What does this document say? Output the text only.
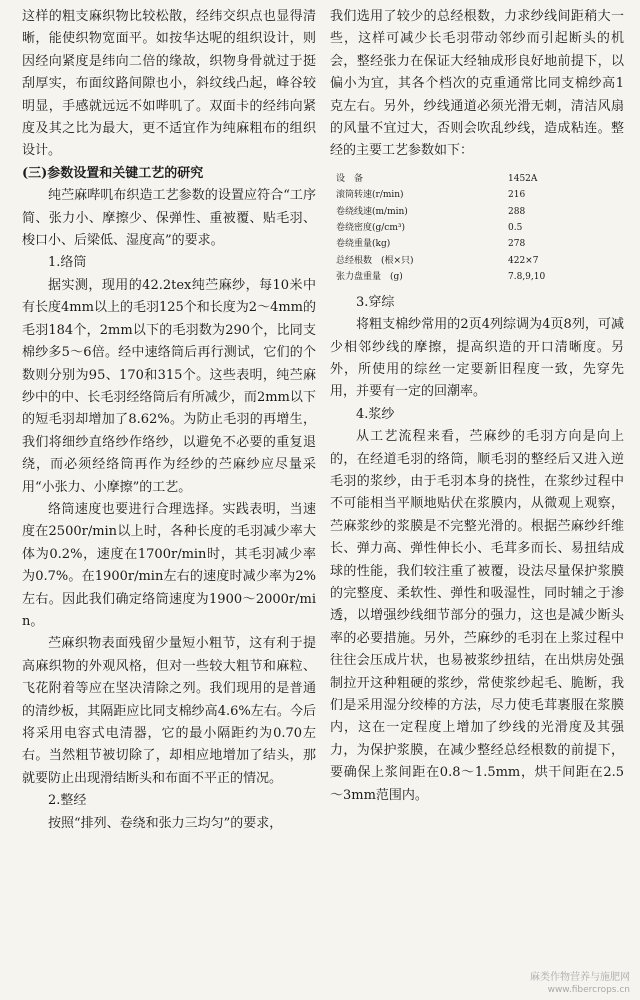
这样的粗支麻织物比较松散，经纬交织点也显得清晰，能使织物宽面平。如按华达呢的组织设计，则因经向紧度是纬向二倍的缘故，织物身骨就过于挺刮厚实，布面纹路间隙也小，斜纹线凸起，峰谷较明显，手感就远远不如哔叽了。双面卡的经纬向紧度及其之比为最大，更不适宜作为纯麻粗布的组织设计。

(三)参数设置和关键工艺的研究

纯苎麻哔叽布织造工艺参数的设置应符合“工序简、张力小、摩擦少、保弹性、重被覆、贴毛羽、梭口小、后梁低、湿度高”的要求。

1.络筒

据实测，现用的42.2tex纯苎麻纱，每10米中有长度4mm以上的毛羽125个和长度为2～4mm的毛羽184个，2mm以下的毛羽数为290个，比同支棉纱多5～6倍。经中速络筒后再行测试，它们的个数则分别为95、170和315个。这些表明，纯苎麻纱中的中、长毛羽经络筒后有所减少，而2mm以下的短毛羽却增加了8.62%。为防止毛羽的再增生，我们将细纱直络纱作络纱，以避免不必要的重复退绕，而必须经络筒再作为经纱的苎麻纱应尽量采用“小张力、小摩擦”的工艺。

络筒速度也要进行合理选择。实践表明，当速度在2500r/min以上时，各种长度的毛羽减少率大体为0.2%，速度在1700r/min时，其毛羽减少率为0.7%。在1900r/min左右的速度时减少率为2%左右。因此我们确定络筒速度为1900～2000r/min。

苎麻织物表面残留少量短小粗节，这有利于提高麻织物的外观风格，但对一些较大粗节和麻粒、飞花附着等应在坚决清除之列。我们现用的是普通的清纱板，其隔距应比同支棉纱高4.6%左右。今后将采用电容式电清器，它的最小隔距约为0.70左右。当然粗节被切除了，却相应地增加了结头，那就要防止出现滑结断头和布面不平正的情况。

2.整经

按照“排列、卷绕和张力三均匀”的要求，

我们选用了较少的总经根数，力求纱线间距稍大一些，这样可减少长毛羽带动邻纱而引起断头的机会，整经张力在保证大经轴成形良好地前提下，以偏小为宜，其各个档次的克重通常比同支棉纱高1克左右。另外，纱线通道必须光滑无刺，清洁风扇的风量不宜过大，否则会吹乱纱线，造成粘连。整经的主要工艺参数如下：

设　备	1452A
滚筒转速(r/min)	216
卷绕线速(m/min)	288
卷绕密度(g/cm³)	0.5
卷绕重量(kg)	278
总经根数　(根×只)	422×7
张力盘重量　(g)	7.8,9,10

3.穿综

将粗支棉纱常用的2页4列综调为4页8列，可减少相邻纱线的摩擦，提高织造的开口清晰度。另外，所使用的综丝一定要新旧程度一致，先穿先用，并要有一定的回潮率。

4.浆纱

从工艺流程来看，苎麻纱的毛羽方向是向上的，在经道毛羽的络筒，顺毛羽的整经后又进入逆毛羽的浆纱，由于毛羽本身的挠性，在浆纱过程中不可能相当平顺地贴伏在浆膜内，从微观上观察，苎麻浆纱的浆膜是不完整光滑的。根据苎麻纱纤维长、弹力高、弹性伸长小、毛茸多而长、易扭结成球的性能，我们较注重了被覆，设法尽量保护浆膜的完整度、柔软性、弹性和吸湿性，同时辅之于渗透，以增强纱线细节部分的强力，这也是减少断头率的必要措施。另外，苎麻纱的毛羽在上浆过程中往往会压成片状，也易被浆纱扭结，在出烘房处强制拉开这种粗硬的浆纱，常使浆纱起毛、脆断，我们是采用湿分绞棒的方法，尽力使毛茸裹服在浆膜内，这在一定程度上增加了纱线的光滑度及其强力，为保护浆膜，在减少整经总经根数的前提下，要确保上浆间距在0.8～1.5mm，烘干间距在2.5～3mm范围内。

麻类作物营养与施肥网
www.fibercrops.cn
